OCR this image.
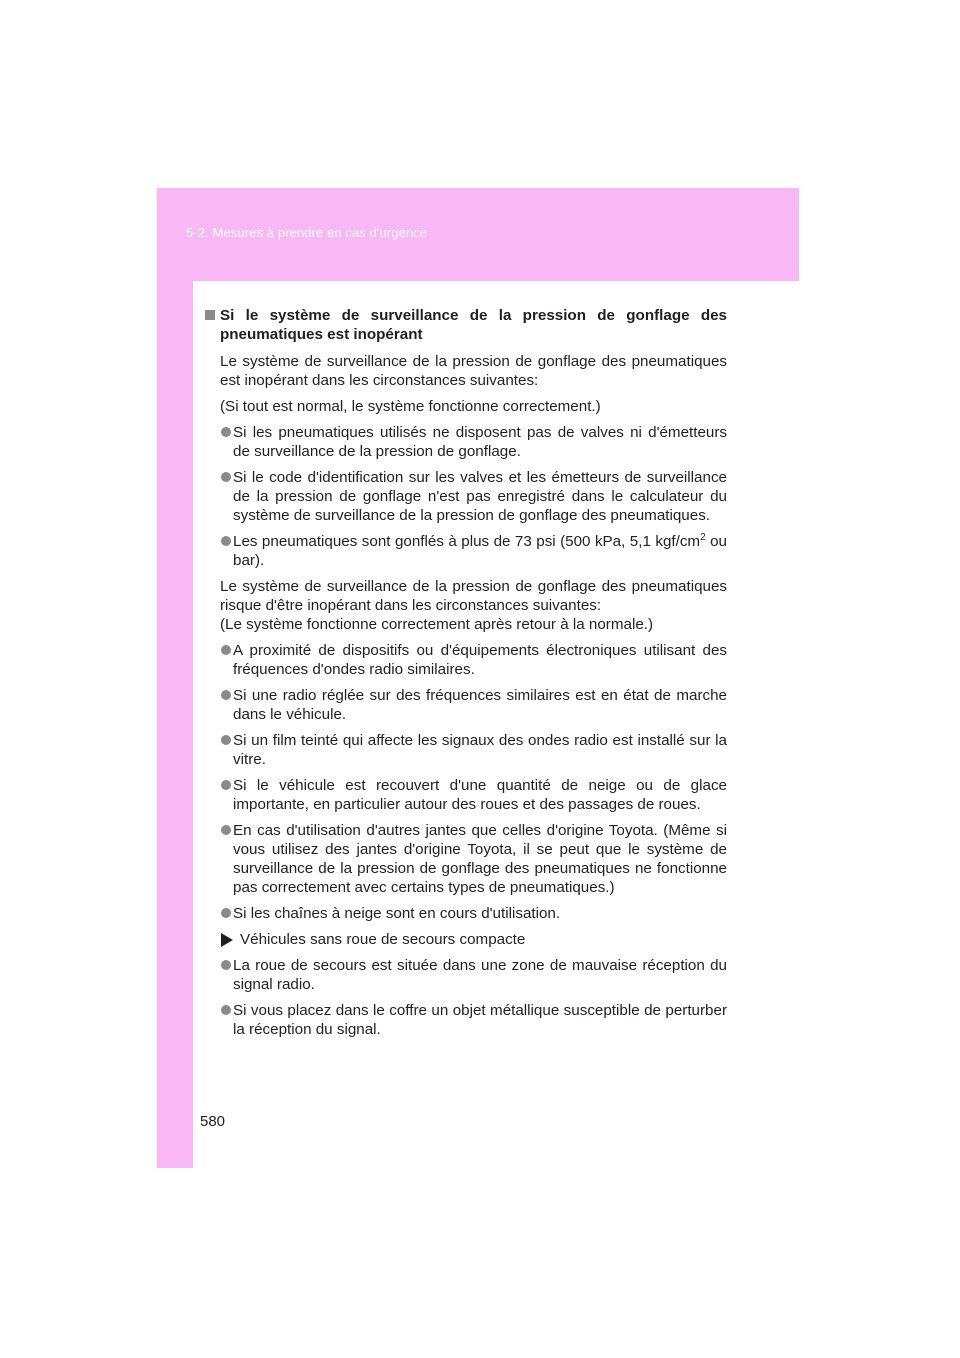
5-2. Mesures à prendre en cas d'urgence

Si le système de surveillance de la pression de gonflage des pneumatiques est inopérant

Le système de surveillance de la pression de gonflage des pneumatiques est inopérant dans les circonstances suivantes:

(Si tout est normal, le système fonctionne correctement.)

Si les pneumatiques utilisés ne disposent pas de valves ni d'émetteurs de surveillance de la pression de gonflage.

Si le code d'identification sur les valves et les émetteurs de surveillance de la pression de gonflage n'est pas enregistré dans le calculateur du système de surveillance de la pression de gonflage des pneumatiques.

Les pneumatiques sont gonflés à plus de 73 psi (500 kPa, 5,1 kgf/$cm^2$ ou bar).

Le système de surveillance de la pression de gonflage des pneumatiques risque d'être inopérant dans les circonstances suivantes:

(Le système fonctionne correctement après retour à la normale.)

A proximité de dispositifs ou d'équipements électroniques utilisant des fréquences d'ondes radio similaires.

Si une radio réglée sur des fréquences similaires est en état de marche dans le véhicule.

Si un film teinté qui affecte les signaux des ondes radio est installé sur la vitre.

Si le véhicule est recouvert d'une quantité de neige ou de glace importante, en particulier autour des roues et des passages de roues.

En cas d'utilisation d'autres jantes que celles d'origine Toyota. (Même si vous utilisez des jantes d'origine Toyota, il se peut que le système de surveillance de la pression de gonflage des pneumatiques ne fonctionne pas correctement avec certains types de pneumatiques.)

Si les chaînes à neige sont en cours d'utilisation.

Véhicules sans roue de secours compacte

La roue de secours est située dans une zone de mauvaise réception du signal radio.

Si vous placez dans le coffre un objet métallique susceptible de perturber la réception du signal.

580
